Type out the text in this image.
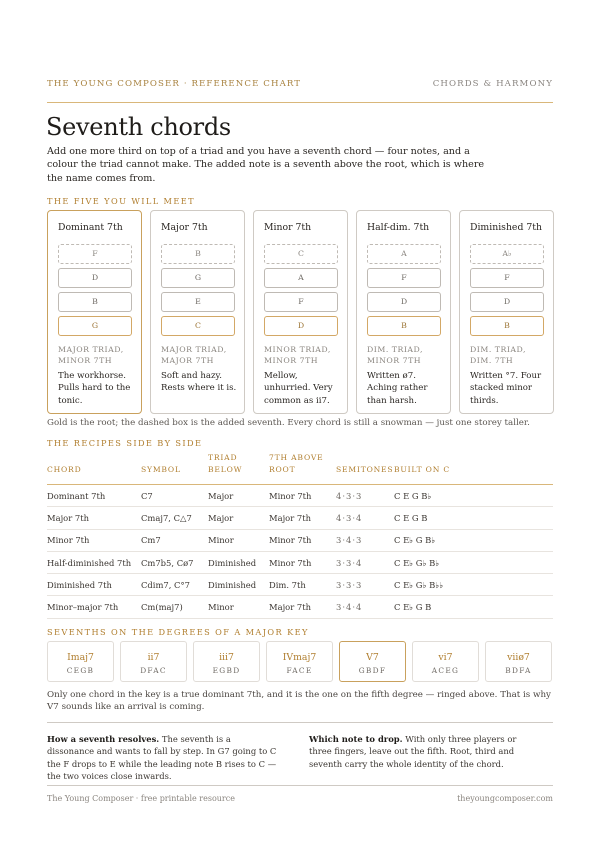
THE YOUNG COMPOSER · REFERENCE CHART	CHORDS & HARMONY
Seventh chords

Add one more third on top of a triad and you have a seventh chord — four notes, and a colour the triad cannot make. The added note is a seventh above the root, which is where the name comes from.

THE FIVE YOU WILL MEET
Dominant 7th
F
D
B
G
MAJOR TRIAD, MINOR 7TH
The workhorse. Pulls hard to the tonic.
Major 7th
B
G
E
C
MAJOR TRIAD, MAJOR 7TH
Soft and hazy. Rests where it is.
Minor 7th
C
A
F
D
MINOR TRIAD, MINOR 7TH
Mellow, unhurried. Very common as ii7.
Half-dim. 7th
A
F
D
B
DIM. TRIAD, MINOR 7TH
Written ø7. Aching rather than harsh.
Diminished 7th
A♭
F
D
B
DIM. TRIAD, DIM. 7TH
Written °7. Four stacked minor thirds.
Gold is the root; the dashed box is the added seventh. Every chord is still a snowman — just one storey taller.
THE RECIPES SIDE BY SIDE
CHORD	SYMBOL	TRIAD BELOW	7TH ABOVE ROOT	SEMITONES	BUILT ON C
Dominant 7th	C7	Major	Minor 7th	4·3·3	C E G B♭
Major 7th	Cmaj7, C△7	Major	Major 7th	4·3·4	C E G B
Minor 7th	Cm7	Minor	Minor 7th	3·4·3	C E♭ G B♭
Half-diminished 7th	Cm7b5, Cø7	Diminished	Minor 7th	3·3·4	C E♭ G♭ B♭
Diminished 7th	Cdim7, C°7	Diminished	Dim. 7th	3·3·3	C E♭ G♭ B♭♭
Minor–major 7th	Cm(maj7)	Minor	Major 7th	3·4·4	C E♭ G B
SEVENTHS ON THE DEGREES OF A MAJOR KEY
Imaj7
CEGB
ii7
DFAC
iii7
EGBD
IVmaj7
FACE
V7
GBDF
vi7
ACEG
viiø7
BDFA

Only one chord in the key is a true dominant 7th, and it is the one on the fifth degree — ringed above. That is why V7 sounds like an arrival is coming.

How a seventh resolves. The seventh is a dissonance and wants to fall by step. In G7 going to C the F drops to E while the leading note B rises to C — the two voices close inwards.

Which note to drop. With only three players or three fingers, leave out the fifth. Root, third and seventh carry the whole identity of the chord.

The Young Composer · free printable resource	theyoungcomposer.com
